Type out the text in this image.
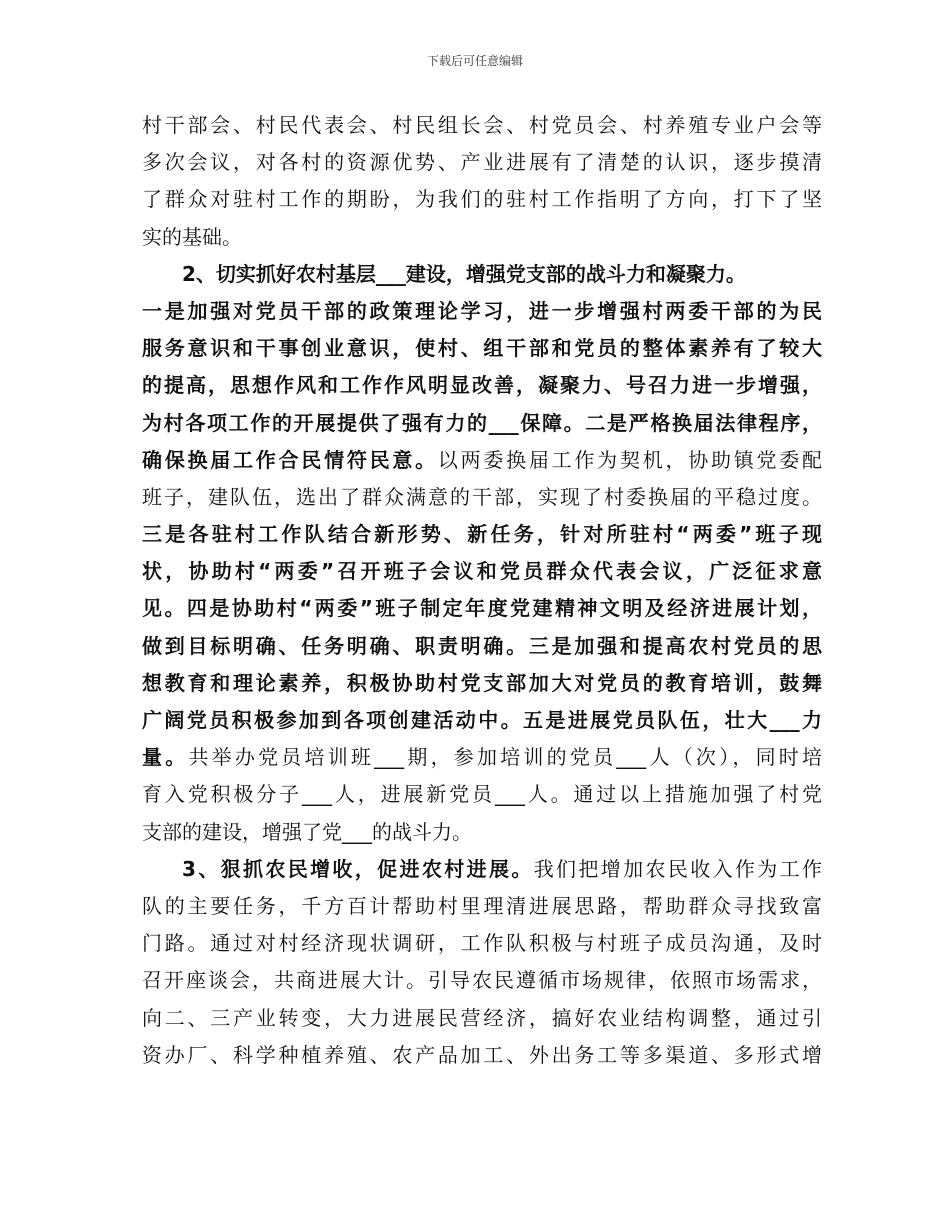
下载后可任意编辑
村干部会、村民代表会、村民组长会、村党员会、村养殖专业户会等
多次会议，对各村的资源优势、产业进展有了清楚的认识，逐步摸清
了群众对驻村工作的期盼，为我们的驻村工作指明了方向，打下了坚
实的基础。
2、切实抓好农村基层___建设，增强党支部的战斗力和凝聚力。
一是加强对党员干部的政策理论学习，进一步增强村两委干部的为民
服务意识和干事创业意识，使村、组干部和党员的整体素养有了较大
的提高，思想作风和工作作风明显改善，凝聚力、号召力进一步增强，
为村各项工作的开展提供了强有力的___保障。二是严格换届法律程序，
确保换届工作合民情符民意。以两委换届工作为契机，协助镇党委配
班子，建队伍，选出了群众满意的干部，实现了村委换届的平稳过度。
三是各驻村工作队结合新形势、新任务，针对所驻村“两委”班子现
状，协助村“两委”召开班子会议和党员群众代表会议，广泛征求意
见。四是协助村“两委”班子制定年度党建精神文明及经济进展计划，
做到目标明确、任务明确、职责明确。三是加强和提高农村党员的思
想教育和理论素养，积极协助村党支部加大对党员的教育培训，鼓舞
广阔党员积极参加到各项创建活动中。五是进展党员队伍，壮大___力
量。共举办党员培训班___期，参加培训的党员___人（次），同时培
育入党积极分子___人，进展新党员___人。通过以上措施加强了村党
支部的建设，增强了党___的战斗力。
3、狠抓农民增收，促进农村进展。我们把增加农民收入作为工作
队的主要任务，千方百计帮助村里理清进展思路，帮助群众寻找致富
门路。通过对村经济现状调研，工作队积极与村班子成员沟通，及时
召开座谈会，共商进展大计。引导农民遵循市场规律，依照市场需求，
向二、三产业转变，大力进展民营经济，搞好农业结构调整，通过引
资办厂、科学种植养殖、农产品加工、外出务工等多渠道、多形式增
